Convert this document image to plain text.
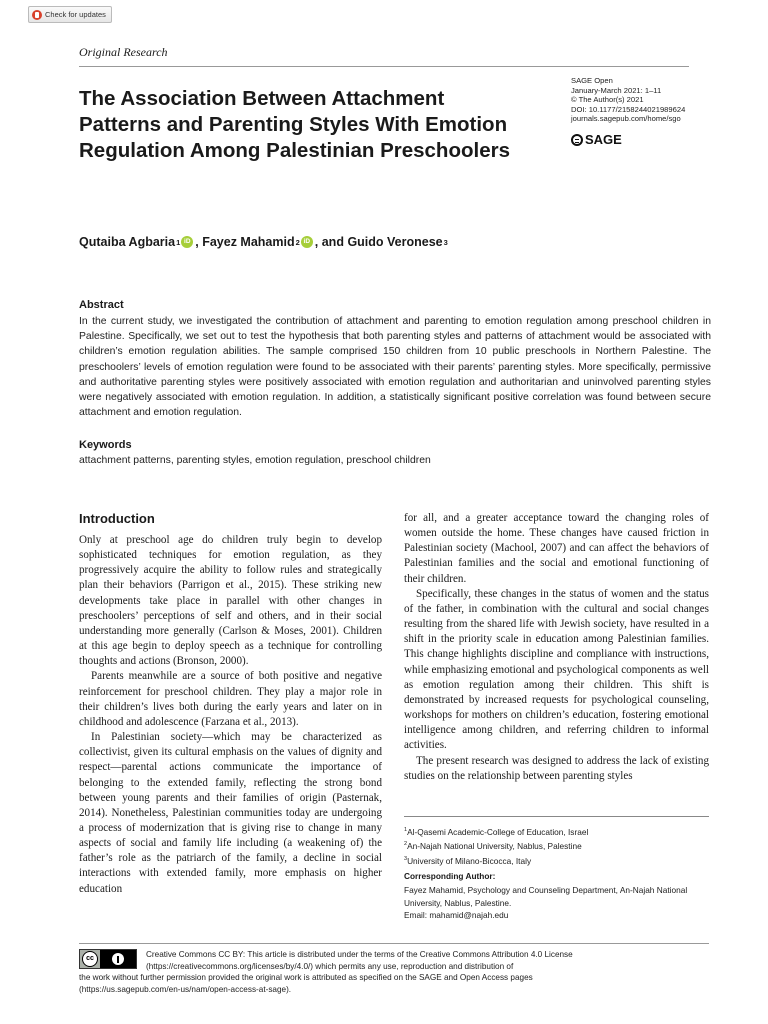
Check for updates
Original Research
The Association Between Attachment Patterns and Parenting Styles With Emotion Regulation Among Palestinian Preschoolers
SAGE Open
January-March 2021: 1–11
© The Author(s) 2021
DOI: 10.1177/2158244021989624
journals.sagepub.com/home/sgo
SAGE
Qutaiba Agbaria 1 iD , Fayez Mahamid 2 iD , and Guido Veronese 3
Abstract
In the current study, we investigated the contribution of attachment and parenting to emotion regulation among preschool children in Palestine. Specifically, we set out to test the hypothesis that both parenting styles and patterns of attachment would be associated with children’s emotion regulation abilities. The sample comprised 150 children from 10 public preschools in Northern Palestine. The preschoolers’ levels of emotion regulation were found to be associated with their parents’ parenting styles. More specifically, permissive and authoritative parenting styles were positively associated with emotion regulation and authoritarian and uninvolved parenting styles were negatively associated with emotion regulation. In addition, a statistically significant positive correlation was found between secure attachment and emotion regulation.
Keywords
attachment patterns, parenting styles, emotion regulation, preschool children
Introduction

Only at preschool age do children truly begin to develop sophisticated techniques for emotion regulation, as they progressively acquire the ability to follow rules and strategically plan their behaviors (Parrigon et al., 2015). These striking new developments take place in parallel with other changes in preschoolers’ perceptions of self and others, and in their social understanding more generally (Carlson & Moses, 2001). Children at this age begin to deploy speech as a technique for controlling thoughts and actions (Bronson, 2000).

Parents meanwhile are a source of both positive and negative reinforcement for preschool children. They play a major role in their children’s lives both during the early years and later on in childhood and adolescence (Farzana et al., 2013).

In Palestinian society—which may be characterized as collectivist, given its cultural emphasis on the values of dignity and respect—parental actions communicate the importance of belonging to the extended family, reflecting the strong bond between young parents and their families of origin (Pasternak, 2014). Nonetheless, Palestinian communities today are undergoing a process of modernization that is giving rise to change in many aspects of social and family life including (a weakening of) the father’s role as the patriarch of the family, a decline in social interactions with extended family, more emphasis on higher education

for all, and a greater acceptance toward the changing roles of women outside the home. These changes have caused friction in Palestinian society (Machool, 2007) and can affect the behaviors of Palestinian families and the social and emotional functioning of their children.

Specifically, these changes in the status of women and the status of the father, in combination with the cultural and social changes resulting from the shared life with Jewish society, have resulted in a shift in the priority scale in education among Palestinian families. This change highlights discipline and compliance with instructions, while emphasizing emotional and psychological components as well as emotion regulation among their children. This shift is demonstrated by increased requests for psychological counseling, workshops for mothers on children’s education, fostering emotional intelligence among children, and referring children to informal activities.

The present research was designed to address the lack of existing studies on the relationship between parenting styles

$^1$Al-Qasemi Academic-College of Education, Israel
$^2$An-Najah National University, Nablus, Palestine
$^3$University of Milano-Bicocca, Italy
Corresponding Author:
Fayez Mahamid, Psychology and Counseling Department, An-Najah National University, Nablus, Palestine.
Email: mahamid@najah.edu
Creative Commons CC BY: This article is distributed under the terms of the Creative Commons Attribution 4.0 License
(https://creativecommons.org/licenses/by/4.0/) which permits any use, reproduction and distribution of
the work without further permission provided the original work is attributed as specified on the SAGE and Open Access pages
(https://us.sagepub.com/en-us/nam/open-access-at-sage).
cc
